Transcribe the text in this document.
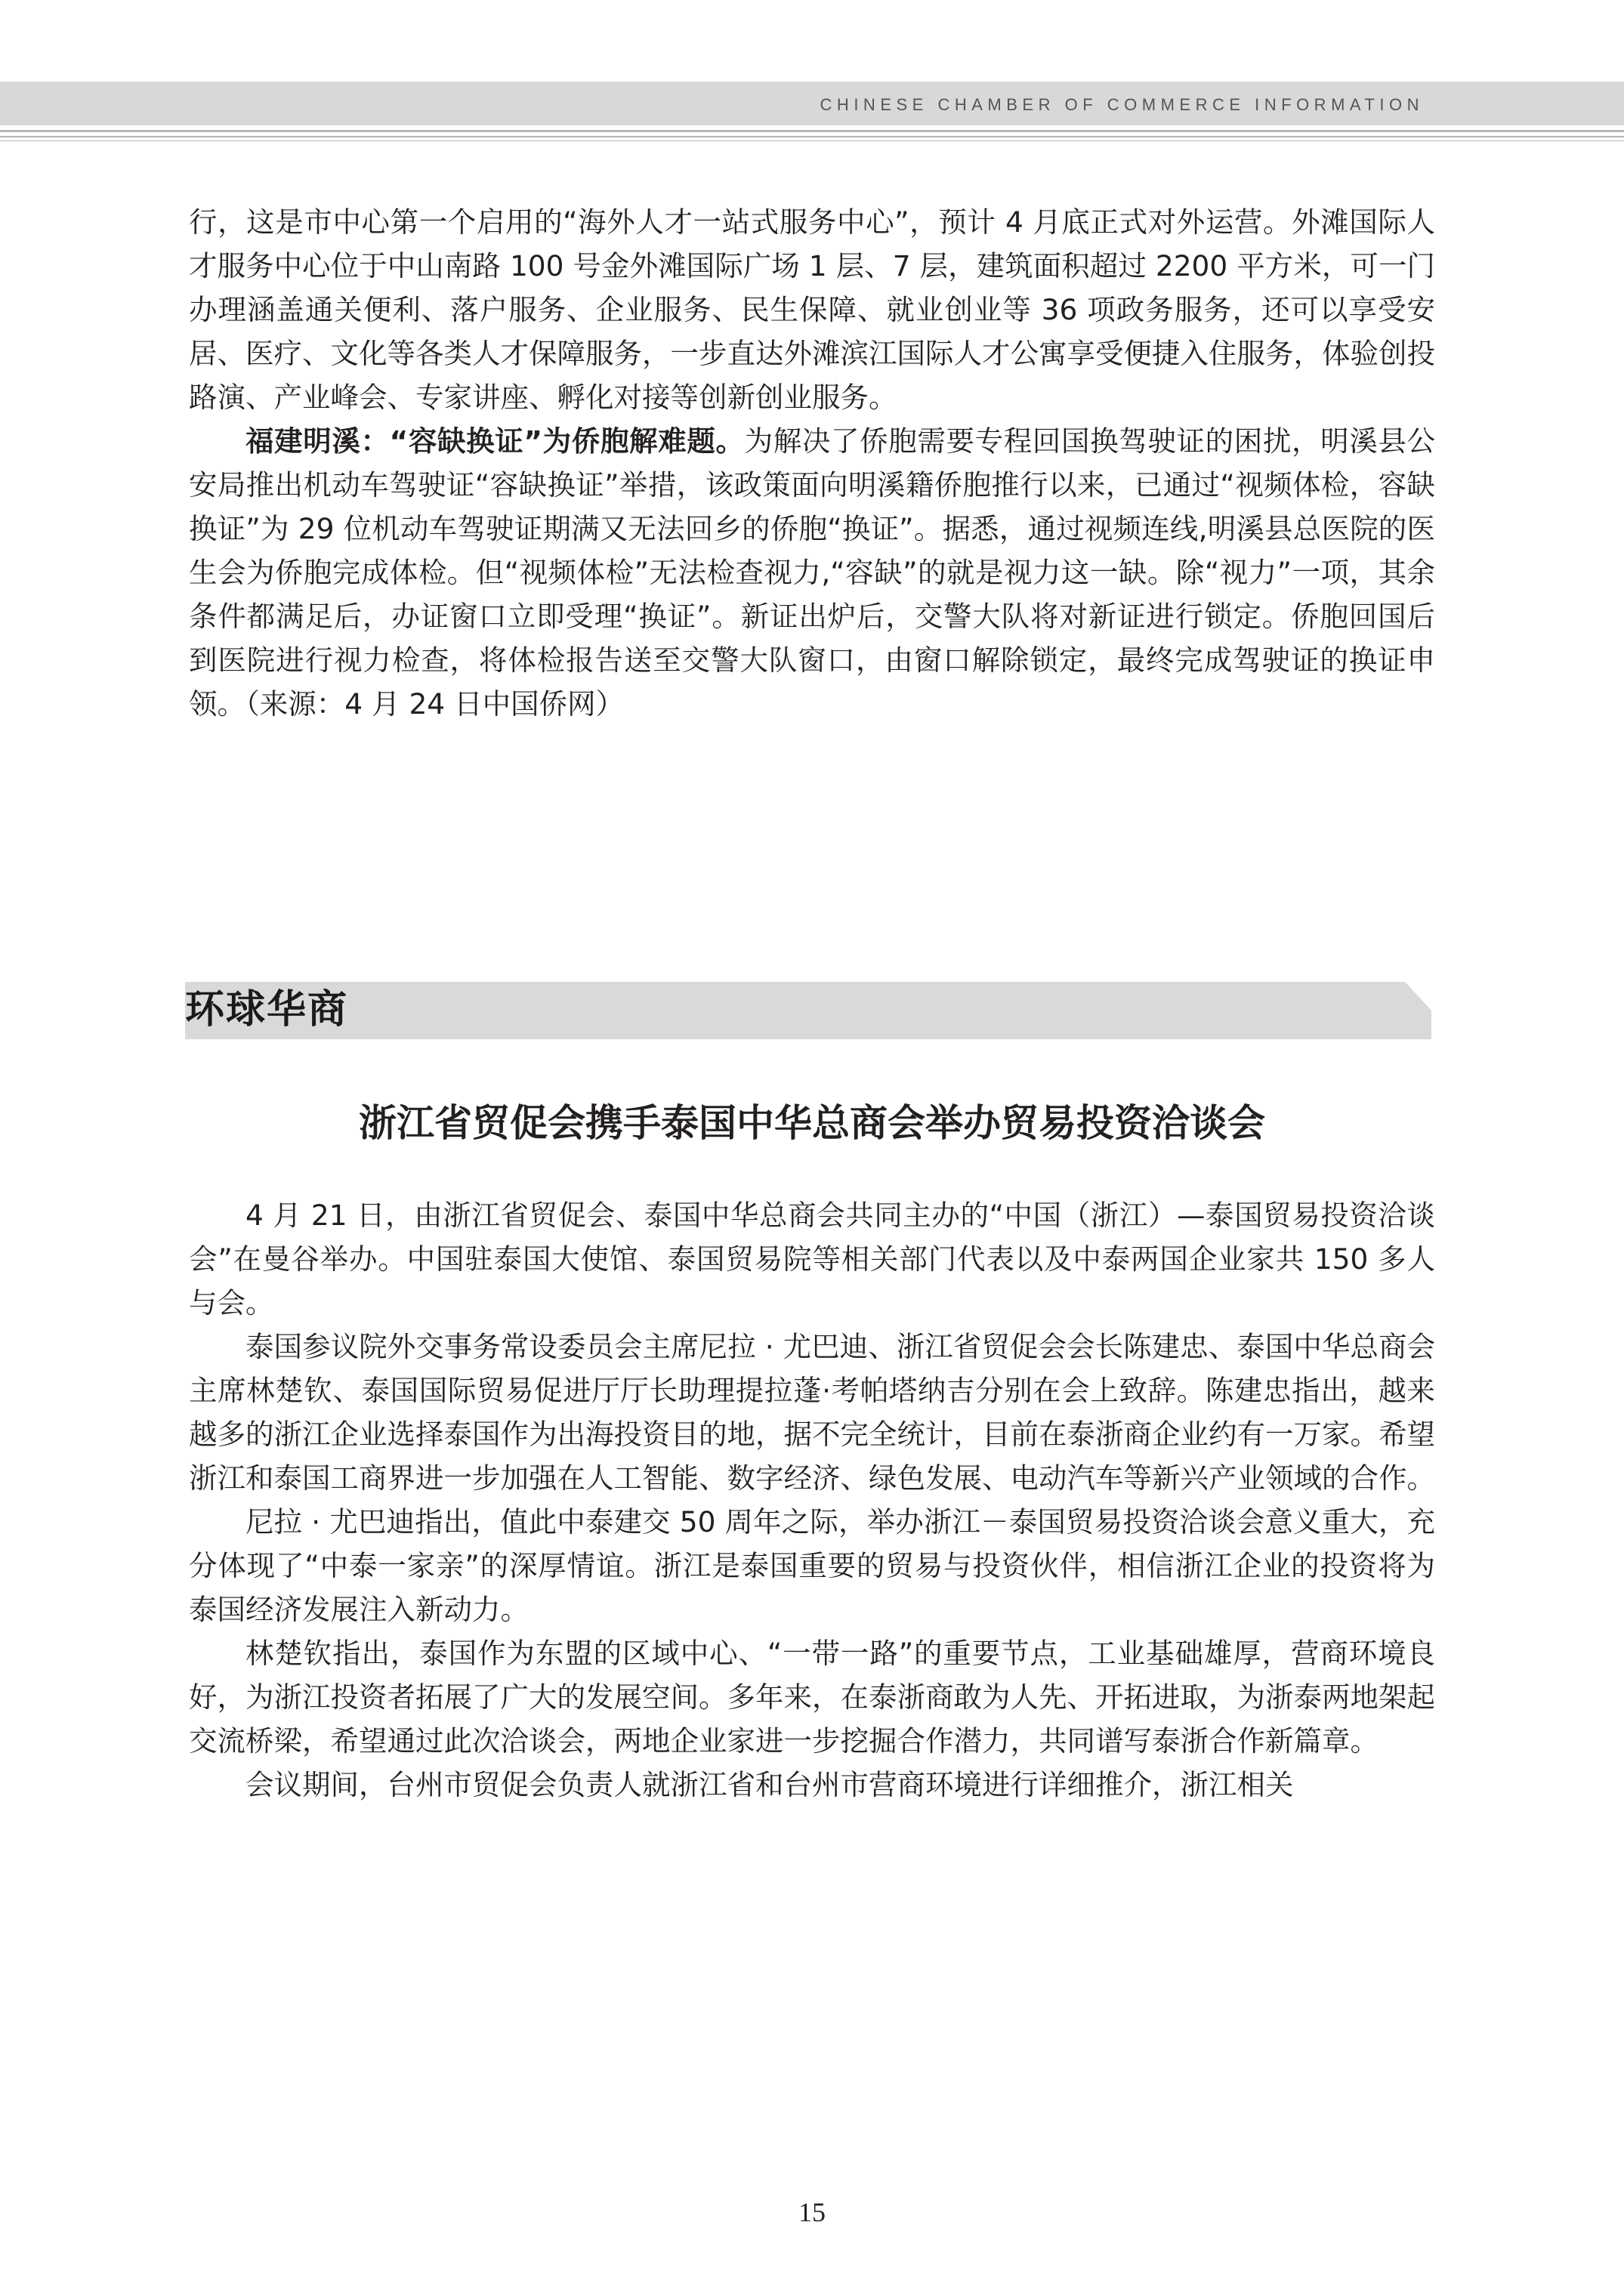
CHINESE CHAMBER OF COMMERCE INFORMATION

行，这是市中心第一个启用的“海外人才一站式服务中心”，预计 4 月底正式对外运营。外滩国际人才服务中心位于中山南路 100 号金外滩国际广场 1 层、7 层，建筑面积超过 2200 平方米，可一门办理涵盖通关便利、落户服务、企业服务、民生保障、就业创业等 36 项政务服务，还可以享受安居、医疗、文化等各类人才保障服务，一步直达外滩滨江国际人才公寓享受便捷入住服务，体验创投路演、产业峰会、专家讲座、孵化对接等创新创业服务。

福建明溪：“容缺换证”为侨胞解难题。为解决了侨胞需要专程回国换驾驶证的困扰，明溪县公安局推出机动车驾驶证“容缺换证”举措，该政策面向明溪籍侨胞推行以来，已通过“视频体检，容缺换证”为 29 位机动车驾驶证期满又无法回乡的侨胞“换证”。据悉，通过视频连线,明溪县总医院的医生会为侨胞完成体检。但“视频体检”无法检查视力,“容缺”的就是视力这一缺。除“视力”一项，其余条件都满足后，办证窗口立即受理“换证”。新证出炉后，交警大队将对新证进行锁定。侨胞回国后到医院进行视力检查，将体检报告送至交警大队窗口，由窗口解除锁定，最终完成驾驶证的换证申领。（来源：4 月 24 日中国侨网）

环球华商
浙江省贸促会携手泰国中华总商会举办贸易投资洽谈会

4 月 21 日，由浙江省贸促会、泰国中华总商会共同主办的“中国（浙江）—泰国贸易投资洽谈会”在曼谷举办。中国驻泰国大使馆、泰国贸易院等相关部门代表以及中泰两国企业家共 150 多人与会。

泰国参议院外交事务常设委员会主席尼拉 · 尤巴迪、浙江省贸促会会长陈建忠、泰国中华总商会主席林楚钦、泰国国际贸易促进厅厅长助理提拉蓬·考帕塔纳吉分别在会上致辞。陈建忠指出，越来越多的浙江企业选择泰国作为出海投资目的地，据不完全统计，目前在泰浙商企业约有一万家。希望浙江和泰国工商界进一步加强在人工智能、数字经济、绿色发展、电动汽车等新兴产业领域的合作。

尼拉 · 尤巴迪指出，值此中泰建交 50 周年之际，举办浙江－泰国贸易投资洽谈会意义重大，充分体现了“中泰一家亲”的深厚情谊。浙江是泰国重要的贸易与投资伙伴，相信浙江企业的投资将为泰国经济发展注入新动力。

林楚钦指出，泰国作为东盟的区域中心、“一带一路”的重要节点，工业基础雄厚，营商环境良好，为浙江投资者拓展了广大的发展空间。多年来，在泰浙商敢为人先、开拓进取，为浙泰两地架起交流桥梁，希望通过此次洽谈会，两地企业家进一步挖掘合作潜力，共同谱写泰浙合作新篇章。

会议期间，台州市贸促会负责人就浙江省和台州市营商环境进行详细推介，浙江相关

15
